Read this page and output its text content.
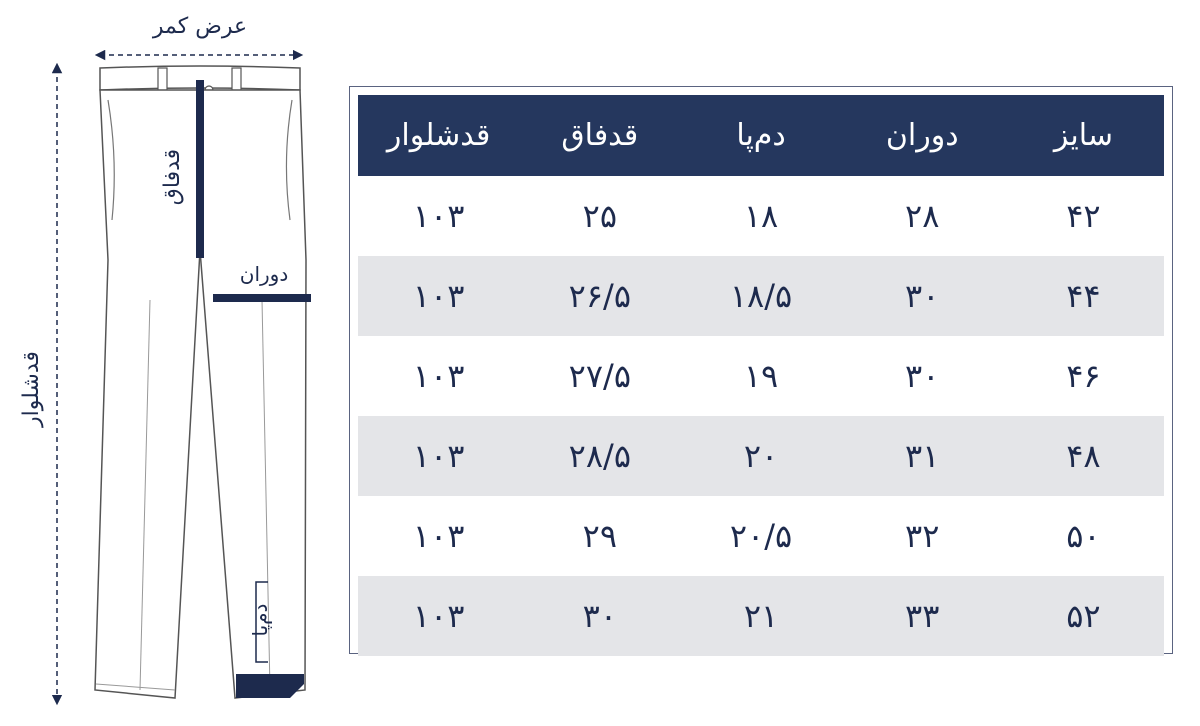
عرض کمر
دوران
قدفاق
قدشلوار
دم‌پا
سایز	دوران	دم‌پا	قدفاق	قدشلوار
۴۲	۲۸	۱۸	۲۵	۱۰۳
۴۴	۳۰	۱۸/۵	۲۶/۵	۱۰۳
۴۶	۳۰	۱۹	۲۷/۵	۱۰۳
۴۸	۳۱	۲۰	۲۸/۵	۱۰۳
۵۰	۳۲	۲۰/۵	۲۹	۱۰۳
۵۲	۳۳	۲۱	۳۰	۱۰۳
